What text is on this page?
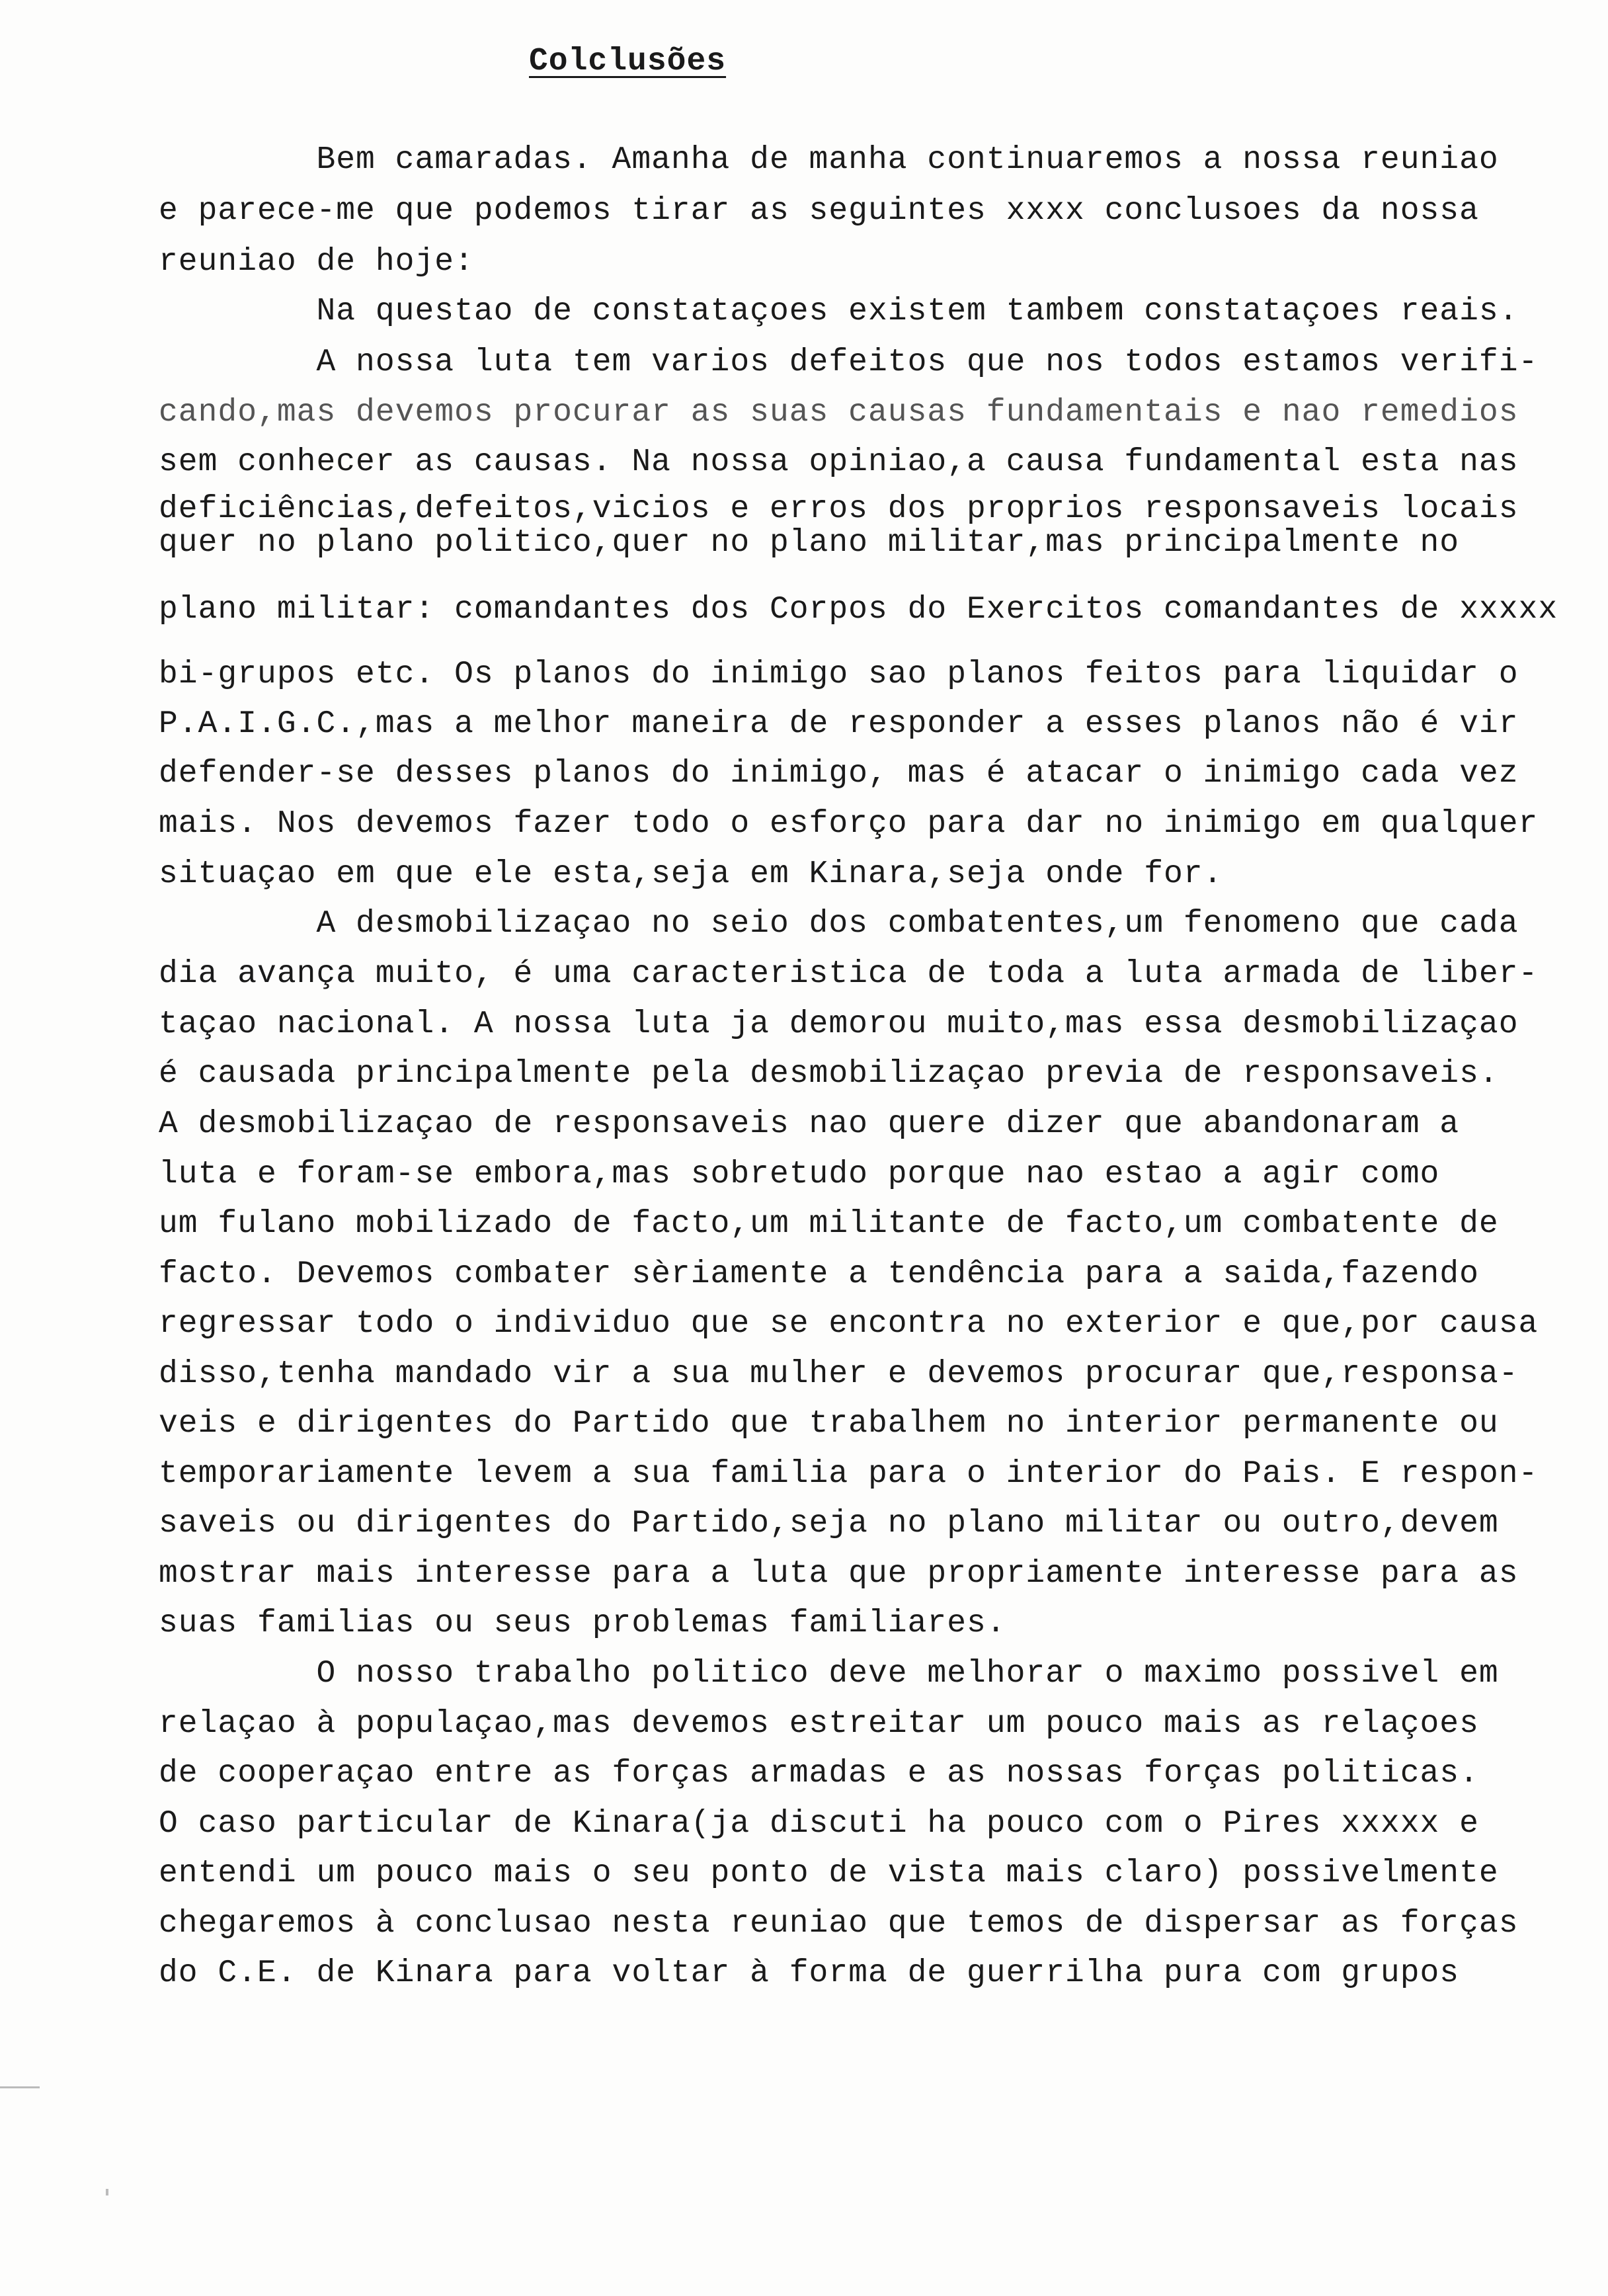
Colclusões
Bem camaradas. Amanha de manha continuaremos a nossa reuniao
e parece-me que podemos tirar as seguintes xxxx conclusoes da nossa
reuniao de hoje:
Na questao de constataçoes existem tambem constataçoes reais.
A nossa luta tem varios defeitos que nos todos estamos verifi-
cando,mas devemos procurar as suas causas fundamentais e nao remedios
sem conhecer as causas. Na nossa opiniao,a causa fundamental esta nas
deficiências,defeitos,vicios e erros dos proprios responsaveis locais
quer no plano politico,quer no plano militar,mas principalmente no
plano militar: comandantes dos Corpos do Exercitos comandantes de xxxxx
bi-grupos etc. Os planos do inimigo sao planos feitos para liquidar o
P.A.I.G.C.,mas a melhor maneira de responder a esses planos não é vir
defender-se desses planos do inimigo, mas é atacar o inimigo cada vez
mais. Nos devemos fazer todo o esforço para dar no inimigo em qualquer
situaçao em que ele esta,seja em Kinara,seja onde for.
A desmobilizaçao no seio dos combatentes,um fenomeno que cada
dia avança muito, é uma caracteristica de toda a luta armada de liber-
taçao nacional. A nossa luta ja demorou muito,mas essa desmobilizaçao
é causada principalmente pela desmobilizaçao previa de responsaveis.
A desmobilizaçao de responsaveis nao quere dizer que abandonaram a
luta e foram-se embora,mas sobretudo porque nao estao a agir como
um fulano mobilizado de facto,um militante de facto,um combatente de
facto. Devemos combater sèriamente a tendência para a saida,fazendo
regressar todo o individuo que se encontra no exterior e que,por causa
disso,tenha mandado vir a sua mulher e devemos procurar que,responsa-
veis e dirigentes do Partido que trabalhem no interior permanente ou
temporariamente levem a sua familia para o interior do Pais. E respon-
saveis ou dirigentes do Partido,seja no plano militar ou outro,devem
mostrar mais interesse para a luta que propriamente interesse para as
suas familias ou seus problemas familiares.
O nosso trabalho politico deve melhorar o maximo possivel em
relaçao à populaçao,mas devemos estreitar um pouco mais as relaçoes
de cooperaçao entre as forças armadas e as nossas forças politicas.
O caso particular de Kinara(ja discuti ha pouco com o Pires xxxxx e
entendi um pouco mais o seu ponto de vista mais claro) possivelmente
chegaremos à conclusao nesta reuniao que temos de dispersar as forças
do C.E. de Kinara para voltar à forma de guerrilha pura com grupos
